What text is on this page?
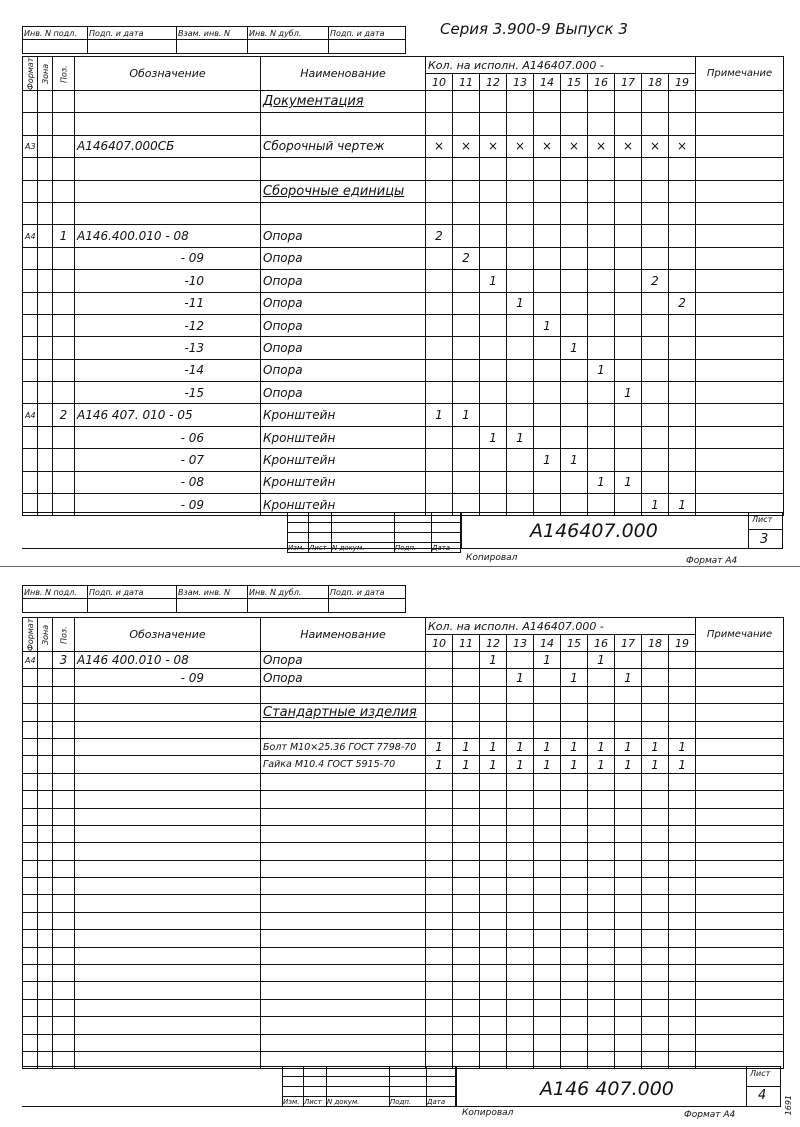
Инв. N подл.	Подп. и дата	Взам. инв. N	Инв. N дубл.	Подп. и дата
					Серия 3.900-9 Выпуск 3
Формат	Зона	Поз.	Обозначение	Наименование	Кол. на исполн. А146407.000 -										Примечание
					10	11	12	13	14	15	16	17	18	19	
				Документация											

А3			А146407.000СБ	Сборочный чертеж	×	×	×	×	×	×	×	×	×	×	

				Сборочные единицы											

А4		1	А146.400.010 - 08	Опора	2										
			- 09	Опора		2									
			-10	Опора			1						2		
			-11	Опора				1						2	
			-12	Опора					1						
			-13	Опора						1					
			-14	Опора							1				
			-15	Опора								1			
А4		2	А146 407. 010 - 05	Кронштейн	1	1									
			- 06	Кронштейн			1	1							
			- 07	Кронштейн					1	1					
			- 08	Кронштейн							1	1			
			- 09	Кронштейн									1	1	

А146407.000
Лист
3
Копировал	Формат А4
Инв. N подл.	Подп. и дата	Взам. инв. N	Инв. N дубл.	Подп. и дата

Формат	Зона	Поз.	Обозначение	Наименование	Кол. на исполн. А146407.000 -										Примечание
					10	11	12	13	14	15	16	17	18	19	
А4		3	А146 400.010 - 08	Опора			1		1		1				
			- 09	Опора				1		1		1			

				Стандартные изделия											

				Болт М10×25.36 ГОСТ 7798-70	1	1	1	1	1	1	1	1	1	1	
				Гайка М10.4 ГОСТ 5915-70	1	1	1	1	1	1	1	1	1	1	

Изм.	Лист	N докум.	Подп.	Дата
А146 407.000
Лист
4
Копировал	Формат А4	1691
